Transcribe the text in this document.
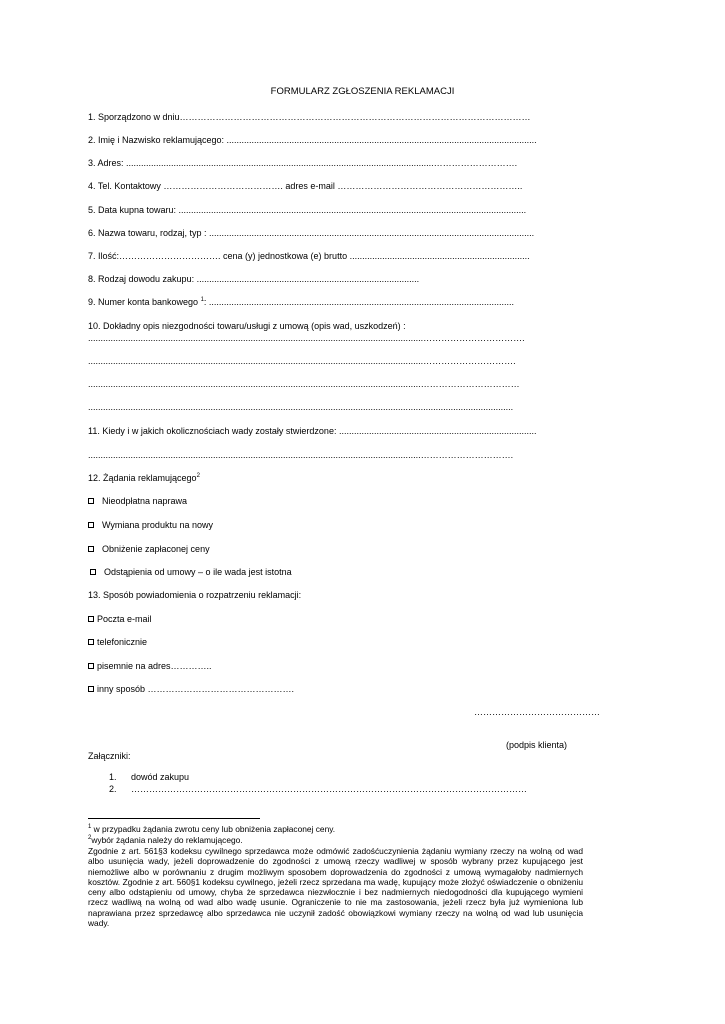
FORMULARZ ZGŁOSZENIA REKLAMACJI
1. Sporządzono w dniu………………………………………………………………………………………………………
2. Imię i Nazwisko reklamującego: ............................................................................................................................
3. Adres: ...........................................................................................................................……………………….
4. Tel. Kontaktowy …………………………………. adres e-mail ……………………………………………………..
5. Data kupna towaru: ...........................................................................................................................................
6. Nazwa towaru, rodzaj, typ : ..................................................................................................................................
7. Ilość:……………………………. cena (y) jednostkowa (e) brutto ........................................................................
8. Rodzaj dowodu zakupu: .........................................................................................
9. Numer konta bankowego $^1$: ..........................................................................................................................
10. Dokładny opis niezgodności towaru/usługi z umową (opis wad, uszkodzeń) :
......................................................................................................................................…………………………….
......................................................................................................................................………………………….
.....................................................................................................................................……………………………
..........................................................................................................................................................................
11. Kiedy i w jakich okolicznościach wady zostały stwierdzone: ...............................................................................
.....................................................................................................................................………………………….
12. Żądania reklamującego$^2$
Nieodpłatna naprawa
Wymiana produktu na nowy
Obniżenie zapłaconej ceny
Odstąpienia od umowy – o ile wada jest istotna
13. Sposób powiadomienia o rozpatrzeniu reklamacji:
Poczta e-mail
telefonicznie
pisemnie na adres…………..
inny sposób ………………………………………….
……………………………………
(podpis klienta)
Załączniki:
1. dowód zakupu
2. ……………………………………………………………………………………………………………………
$^1$ w przypadku żądania zwrotu ceny lub obniżenia zapłaconej ceny.
$^2$wybór żądania należy do reklamującego.
Zgodnie z art. 561§3 kodeksu cywilnego sprzedawca może odmówić zadośćuczynienia żądaniu wymiany rzeczy na wolną od wad albo usunięcia wady, jeżeli doprowadzenie do zgodności z umową rzeczy wadliwej w sposób wybrany przez kupującego jest niemożliwe albo w porównaniu z drugim możliwym sposobem doprowadzenia do zgodności z umową wymagałoby nadmiernych kosztów. Zgodnie z art. 560§1 kodeksu cywilnego, jeżeli rzecz sprzedana ma wadę, kupujący może złożyć oświadczenie o obniżeniu ceny albo odstąpieniu od umowy, chyba że sprzedawca niezwłocznie i bez nadmiernych niedogodności dla kupującego wymieni rzecz wadliwą na wolną od wad albo wadę usunie. Ograniczenie to nie ma zastosowania, jeżeli rzecz była już wymieniona lub naprawiana przez sprzedawcę albo sprzedawca nie uczynił zadość obowiązkowi wymiany rzeczy na wolną od wad lub usunięcia wady.
